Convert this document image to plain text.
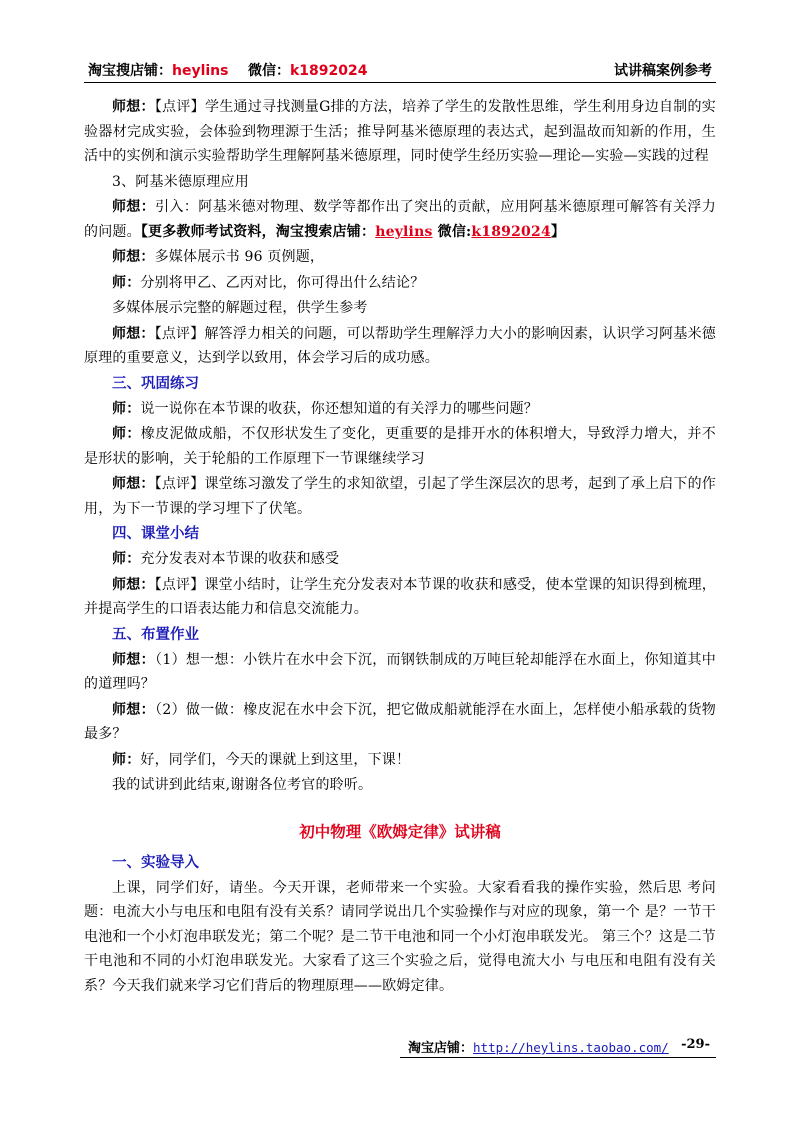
淘宝搜店铺：heylins 微信：k1892024	试讲稿案例参考

师想：【点评】学生通过寻找测量G排的方法，培养了学生的发散性思维，学生利用身边自制的实验器材完成实验，会体验到物理源于生活；推导阿基米德原理的表达式，起到温故而知新的作用，生活中的实例和演示实验帮助学生理解阿基米德原理，同时使学生经历实验—理论—实验—实践的过程

3、阿基米德原理应用

师想：引入：阿基米德对物理、数学等都作出了突出的贡献，应用阿基米德原理可解答有关浮力的问题。【更多教师考试资料，淘宝搜索店铺：heylins 微信:k1892024】

师想：多媒体展示书 96 页例题，

师：分别将甲乙、乙丙对比，你可得出什么结论？

多媒体展示完整的解题过程，供学生参考

师想：【点评】解答浮力相关的问题，可以帮助学生理解浮力大小的影响因素，认识学习阿基米德原理的重要意义，达到学以致用，体会学习后的成功感。

三、巩固练习

师：说一说你在本节课的收获，你还想知道的有关浮力的哪些问题？

师：橡皮泥做成船，不仅形状发生了变化，更重要的是排开水的体积增大，导致浮力增大，并不是形状的影响，关于轮船的工作原理下一节课继续学习

师想：【点评】课堂练习激发了学生的求知欲望，引起了学生深层次的思考，起到了承上启下的作用，为下一节课的学习埋下了伏笔。

四、课堂小结

师：充分发表对本节课的收获和感受

师想：【点评】课堂小结时，让学生充分发表对本节课的收获和感受，使本堂课的知识得到梳理，并提高学生的口语表达能力和信息交流能力。

五、布置作业

师想：（1）想一想：小铁片在水中会下沉，而钢铁制成的万吨巨轮却能浮在水面上，你知道其中的道理吗？

师想：（2）做一做：橡皮泥在水中会下沉，把它做成船就能浮在水面上，怎样使小船承载的货物最多？

师：好，同学们，今天的课就上到这里，下课！

我的试讲到此结束,谢谢各位考官的聆听。

初中物理《欧姆定律》试讲稿
一、实验导入

上课，同学们好，请坐。今天开课，老师带来一个实验。大家看看我的操作实验，然后思 考问题：电流大小与电压和电阻有没有关系？请同学说出几个实验操作与对应的现象，第一个 是？一节干电池和一个小灯泡串联发光；第二个呢？是二节干电池和同一个小灯泡串联发光。 第三个？这是二节干电池和不同的小灯泡串联发光。大家看了这三个实验之后，觉得电流大小 与电压和电阻有没有关系？今天我们就来学习它们背后的物理原理——欧姆定律。

淘宝店铺：http://heylins.taobao.com/ -29-
